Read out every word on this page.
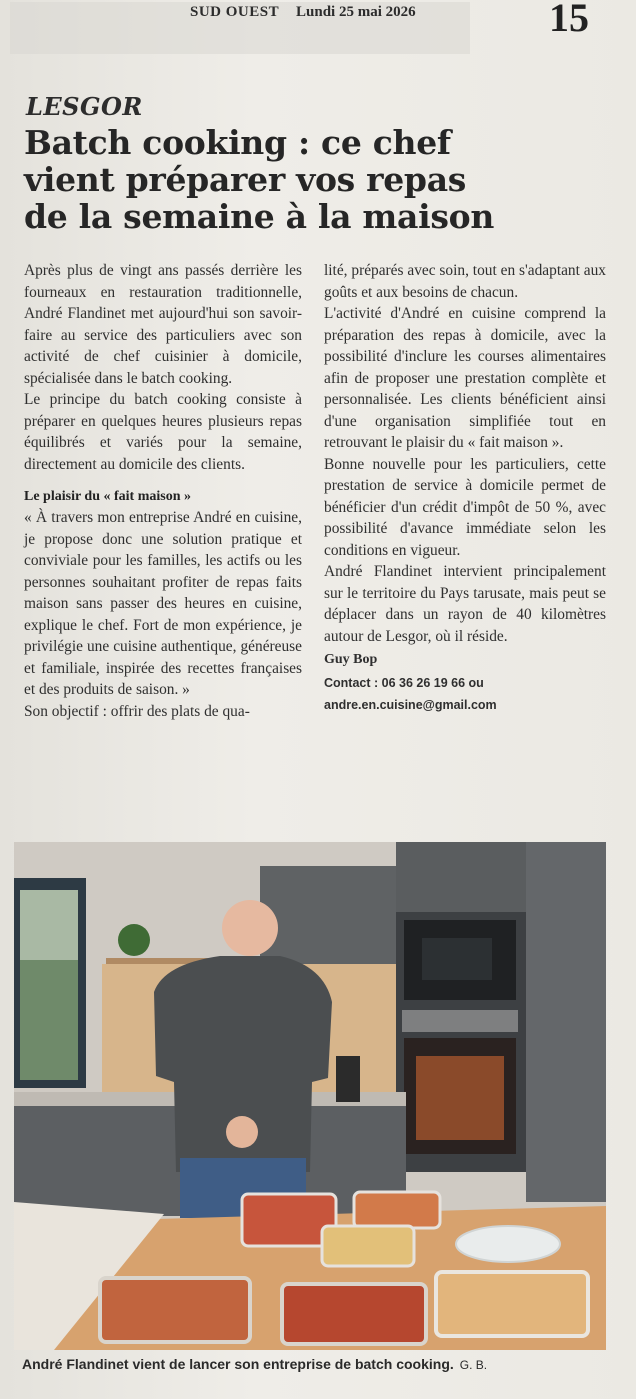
SUD OUEST Lundi 25 mai 2026	15
LESGOR
Batch cooking : ce chef
vient préparer vos repas
de la semaine à la maison

Après plus de vingt ans passés derrière les fourneaux en restauration traditionnelle, André Flandinet met aujourd'hui son savoir-faire au service des particuliers avec son activité de chef cuisinier à domicile, spécialisée dans le batch cooking.

Le principe du batch cooking consiste à préparer en quelques heures plusieurs repas équilibrés et variés pour la semaine, directement au domicile des clients.

Le plaisir du « fait maison »

« À travers mon entreprise André en cuisine, je propose donc une solution pratique et conviviale pour les familles, les actifs ou les personnes souhaitant profiter de repas faits maison sans passer des heures en cuisine, explique le chef. Fort de mon expérience, je privilégie une cuisine authentique, généreuse et familiale, inspirée des recettes françaises et des produits de saison. »

Son objectif : offrir des plats de qua-

lité, préparés avec soin, tout en s'adaptant aux goûts et aux besoins de chacun.

L'activité d'André en cuisine comprend la préparation des repas à domicile, avec la possibilité d'inclure les courses alimentaires afin de proposer une prestation complète et personnalisée. Les clients bénéficient ainsi d'une organisation simplifiée tout en retrouvant le plaisir du « fait maison ».

Bonne nouvelle pour les particuliers, cette prestation de service à domicile permet de bénéficier d'un crédit d'impôt de 50 %, avec possibilité d'avance immédiate selon les conditions en vigueur.

André Flandinet intervient principalement sur le territoire du Pays tarusate, mais peut se déplacer dans un rayon de 40 kilomètres autour de Lesgor, où il réside.

Guy Bop
Contact : 06 36 26 19 66 ou
andre.en.cuisine@gmail.com
André Flandinet vient de lancer son entreprise de batch cooking. G. B.
